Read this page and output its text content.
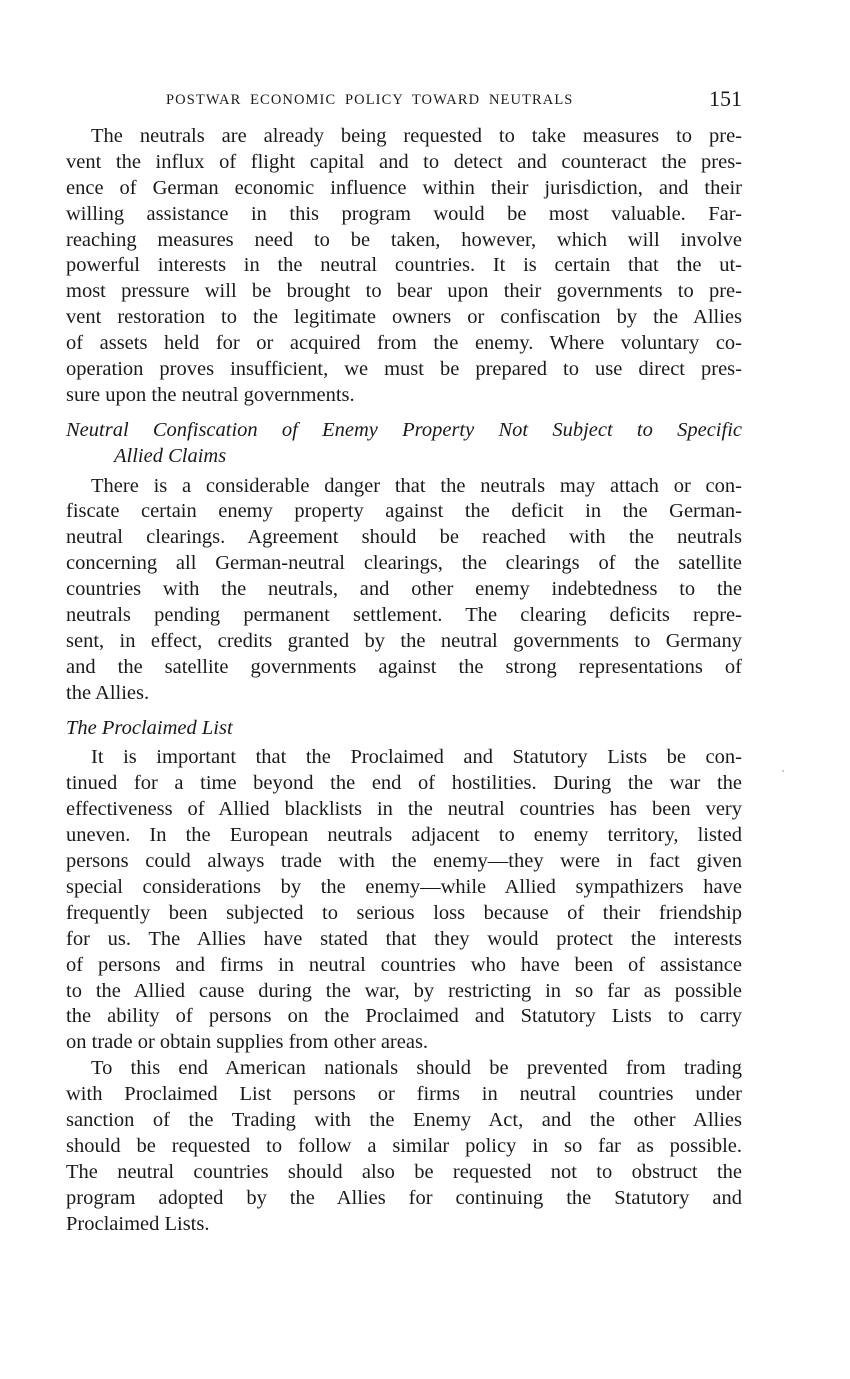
POSTWAR ECONOMIC POLICY TOWARD NEUTRALS	151
The neutrals are already being requested to take measures to pre-
vent the influx of flight capital and to detect and counteract the pres-
ence of German economic influence within their jurisdiction, and their
willing assistance in this program would be most valuable. Far-
reaching measures need to be taken, however, which will involve
powerful interests in the neutral countries. It is certain that the ut-
most pressure will be brought to bear upon their governments to pre-
vent restoration to the legitimate owners or confiscation by the Allies
of assets held for or acquired from the enemy. Where voluntary co-
operation proves insufficient, we must be prepared to use direct pres-
sure upon the neutral governments.
Neutral Confiscation of Enemy Property Not Subject to Specific
Allied Claims
There is a considerable danger that the neutrals may attach or con-
fiscate certain enemy property against the deficit in the German-
neutral clearings. Agreement should be reached with the neutrals
concerning all German-neutral clearings, the clearings of the satellite
countries with the neutrals, and other enemy indebtedness to the
neutrals pending permanent settlement. The clearing deficits repre-
sent, in effect, credits granted by the neutral governments to Germany
and the satellite governments against the strong representations of
the Allies.
The Proclaimed List
It is important that the Proclaimed and Statutory Lists be con-
tinued for a time beyond the end of hostilities. During the war the
effectiveness of Allied blacklists in the neutral countries has been very
uneven. In the European neutrals adjacent to enemy territory, listed
persons could always trade with the enemy—they were in fact given
special considerations by the enemy—while Allied sympathizers have
frequently been subjected to serious loss because of their friendship
for us. The Allies have stated that they would protect the interests
of persons and firms in neutral countries who have been of assistance
to the Allied cause during the war, by restricting in so far as possible
the ability of persons on the Proclaimed and Statutory Lists to carry
on trade or obtain supplies from other areas.
To this end American nationals should be prevented from trading
with Proclaimed List persons or firms in neutral countries under
sanction of the Trading with the Enemy Act, and the other Allies
should be requested to follow a similar policy in so far as possible.
The neutral countries should also be requested not to obstruct the
program adopted by the Allies for continuing the Statutory and
Proclaimed Lists.
